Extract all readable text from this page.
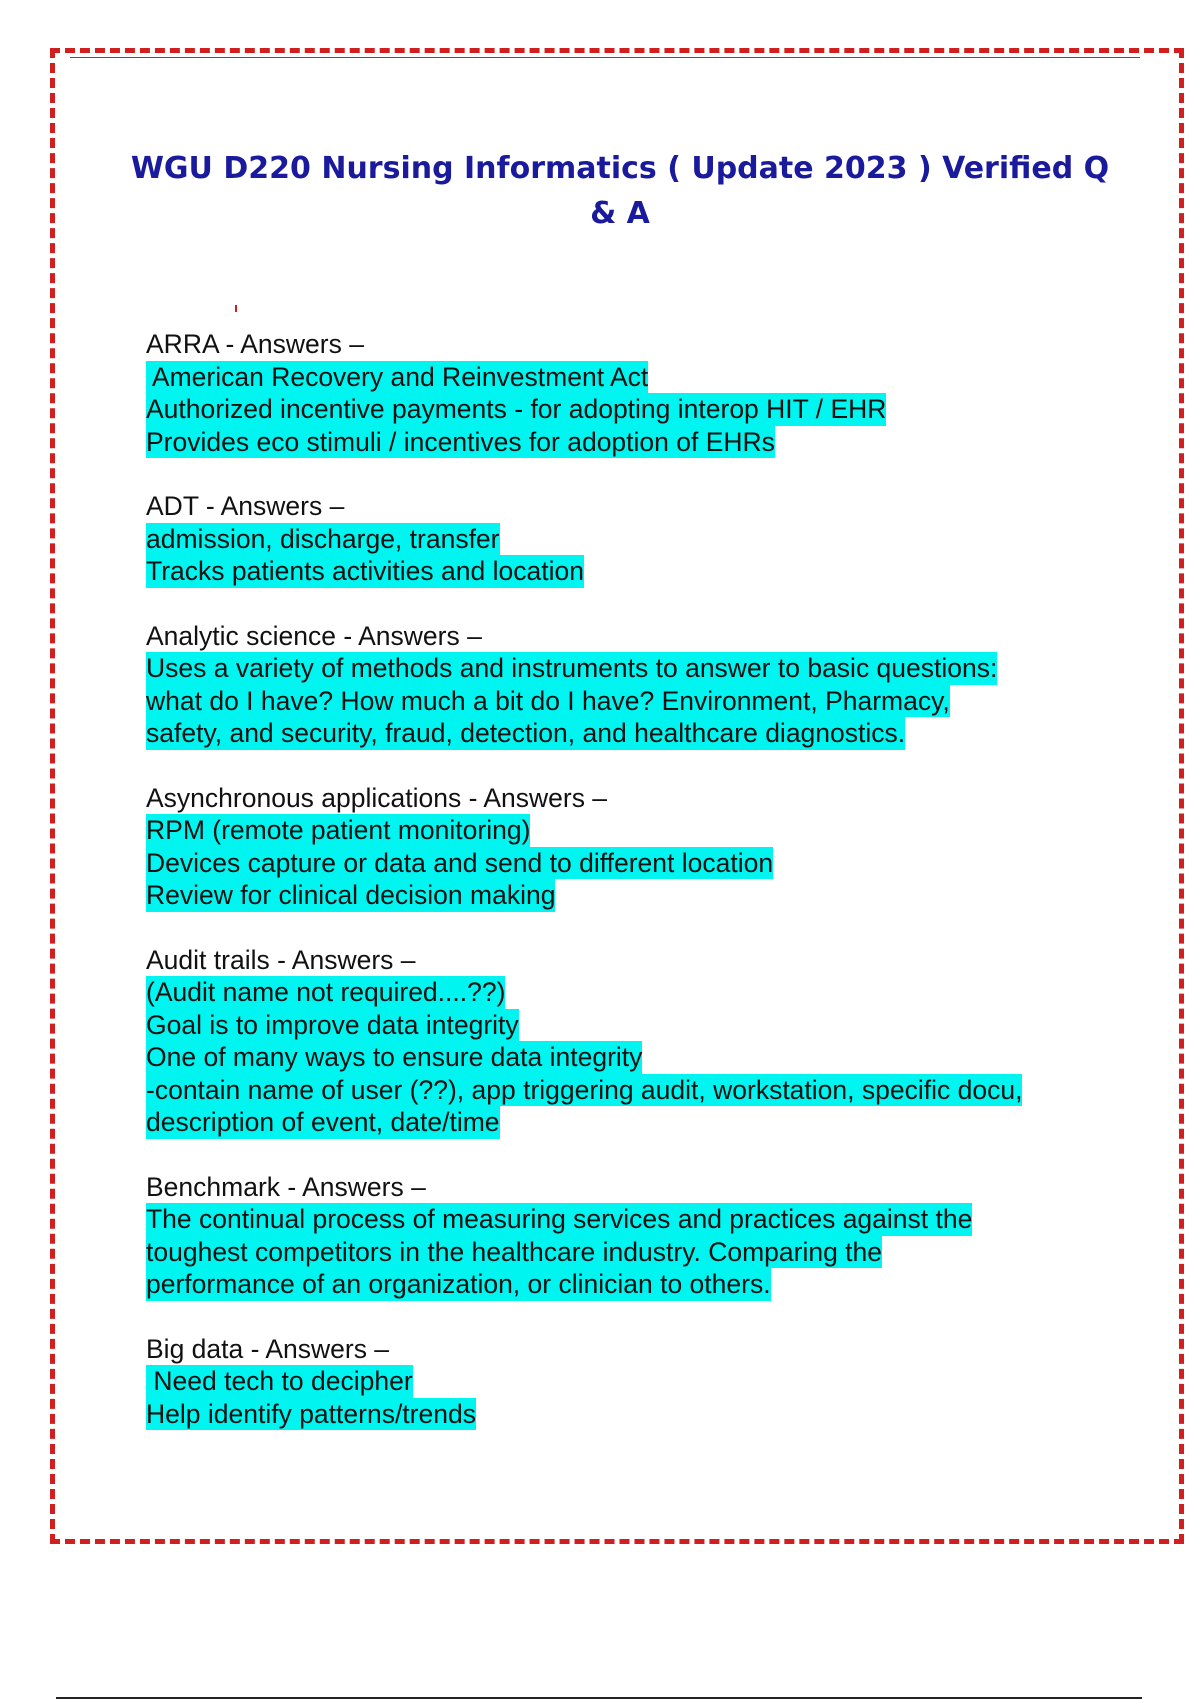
WGU D220 Nursing Informatics ( Update 2023 ) Verified Q & A
ARRA - Answers –
American Recovery and Reinvestment Act
Authorized incentive payments - for adopting interop HIT / EHR
Provides eco stimuli / incentives for adoption of EHRs
ADT - Answers –
admission, discharge, transfer
Tracks patients activities and location
Analytic science - Answers –
Uses a variety of methods and instruments to answer to basic questions:
what do I have? How much a bit do I have? Environment, Pharmacy,
safety, and security, fraud, detection, and healthcare diagnostics.
Asynchronous applications - Answers –
RPM (remote patient monitoring)
Devices capture or data and send to different location
Review for clinical decision making
Audit trails - Answers –
(Audit name not required....??)
Goal is to improve data integrity
One of many ways to ensure data integrity
-contain name of user (??), app triggering audit, workstation, specific docu,
description of event, date/time
Benchmark - Answers –
The continual process of measuring services and practices against the
toughest competitors in the healthcare industry. Comparing the
performance of an organization, or clinician to others.
Big data - Answers –
Need tech to decipher
Help identify patterns/trends
